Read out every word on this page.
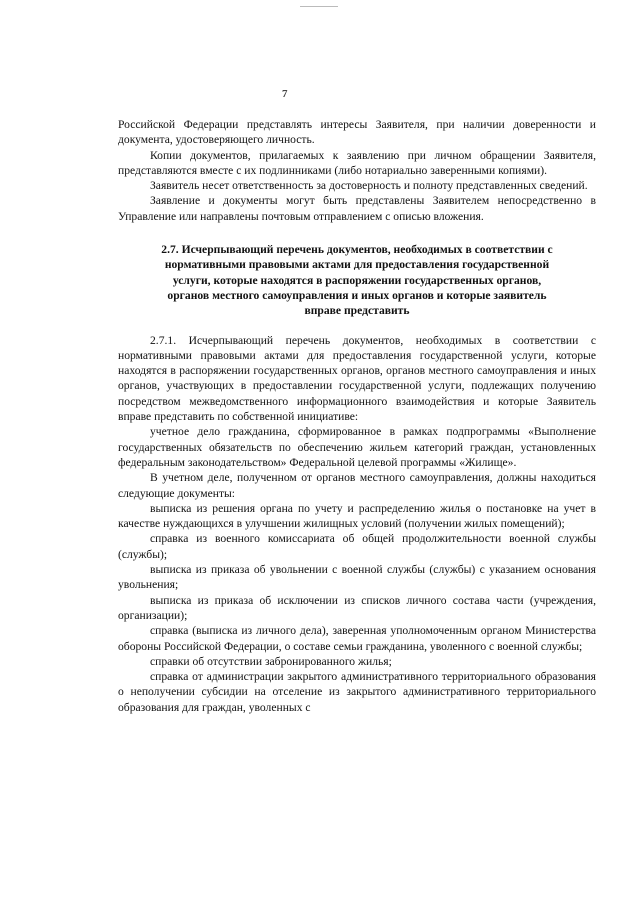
7

Российской Федерации представлять интересы Заявителя, при наличии доверенности и документа, удостоверяющего личность.

Копии документов, прилагаемых к заявлению при личном обращении Заявителя, представляются вместе с их подлинниками (либо нотариально заверенными копиями).

Заявитель несет ответственность за достоверность и полноту представленных сведений.

Заявление и документы могут быть представлены Заявителем непосредственно в Управление или направлены почтовым отправлением с описью вложения.

2.7. Исчерпывающий перечень документов, необходимых в соответствии с
нормативными правовыми актами для предоставления государственной
услуги, которые находятся в распоряжении государственных органов,
органов местного самоуправления и иных органов и которые заявитель
вправе представить

2.7.1. Исчерпывающий перечень документов, необходимых в соответствии с нормативными правовыми актами для предоставления государственной услуги, которые находятся в распоряжении государственных органов, органов местного самоуправления и иных органов, участвующих в предоставлении государственной услуги, подлежащих получению посредством межведомственного информационного взаимодействия и которые Заявитель вправе представить по собственной инициативе:

учетное дело гражданина, сформированное в рамках подпрограммы «Выполнение государственных обязательств по обеспечению жильем категорий граждан, установленных федеральным законодательством» Федеральной целевой программы «Жилище».

В учетном деле, полученном от органов местного самоуправления, должны находиться следующие документы:

выписка из решения органа по учету и распределению жилья о постановке на учет в качестве нуждающихся в улучшении жилищных условий (получении жилых помещений);

справка из военного комиссариата об общей продолжительности военной службы (службы);

выписка из приказа об увольнении с военной службы (службы) с указанием основания увольнения;

выписка из приказа об исключении из списков личного состава части (учреждения, организации);

справка (выписка из личного дела), заверенная уполномоченным органом Министерства обороны Российской Федерации, о составе семьи гражданина, уволенного с военной службы;

справки об отсутствии забронированного жилья;

справка от администрации закрытого административного территориального образования о неполучении субсидии на отселение из закрытого административного территориального образования для граждан, уволенных с
